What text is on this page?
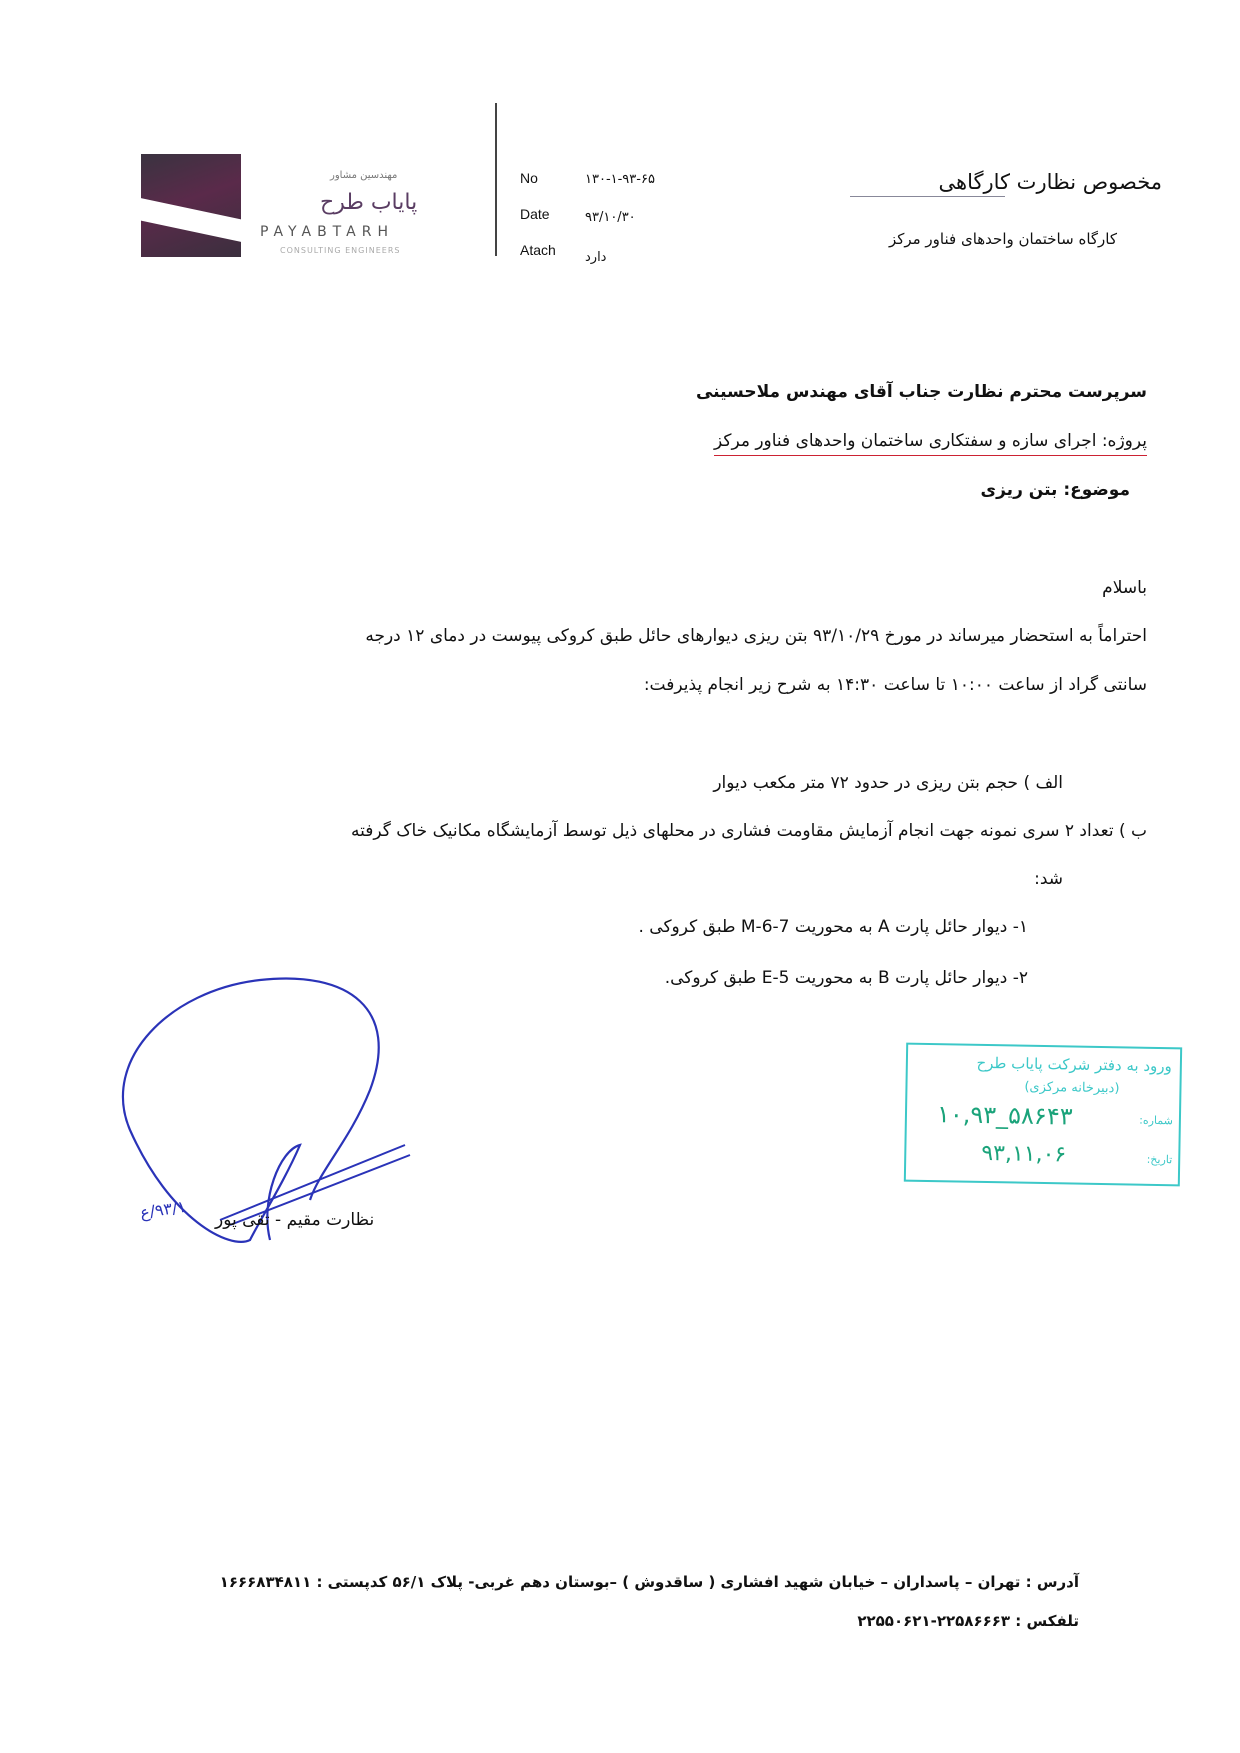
مهندسین مشاور
پایاب طرح
PAYABTARH
CONSULTING ENGINEERS
No	۱۳۰-۱-۹۳-۶۵
Date	۹۳/۱۰/۳۰
Atach دارد
مخصوص نظارت کارگاهی
کارگاه ساختمان واحدهای فناور مرکز
سرپرست محترم نظارت جناب آقای مهندس ملاحسینی
پروژه: اجرای سازه و سفتکاری ساختمان واحدهای فناور مرکز
موضوع: بتن ریزی
باسلام
احتراماً به استحضار میرساند در مورخ ۹۳/۱۰/۲۹ بتن ریزی دیوارهای حائل طبق کروکی پیوست در دمای ۱۲ درجه
سانتی گراد از ساعت ۱۰:۰۰ تا ساعت ۱۴:۳۰ به شرح زیر انجام پذیرفت:
الف ) حجم بتن ریزی در حدود ۷۲ متر مکعب دیوار
ب ) تعداد ۲ سری نمونه جهت انجام آزمایش مقاومت فشاری در محلهای ذیل توسط آزمایشگاه مکانیک خاک گرفته
شد:
۱- دیوار حائل پارت A به محوریت M-6-7 طبق کروکی .
۲- دیوار حائل پارت B به محوریت E-5 طبق کروکی.
ورود به دفتر شرکت پایاب طرح
(دبیرخانه مرکزی)
شماره:
۱۰,۹۳_۵۸۶۴۳
تاریخ:
۹۳,۱۱,۰۶
۹۳/۱/ع نظارت مقیم - تقی پور
آدرس : تهران – پاسداران – خیابان شهید افشاری ( ساقدوش ) –بوستان دهم غربی- پلاک ۵۶/۱ کدپستی : ۱۶۶۶۸۳۴۸۱۱
تلفکس : ۲۲۵۸۶۶۶۳-۲۲۵۵۰۶۲۱
